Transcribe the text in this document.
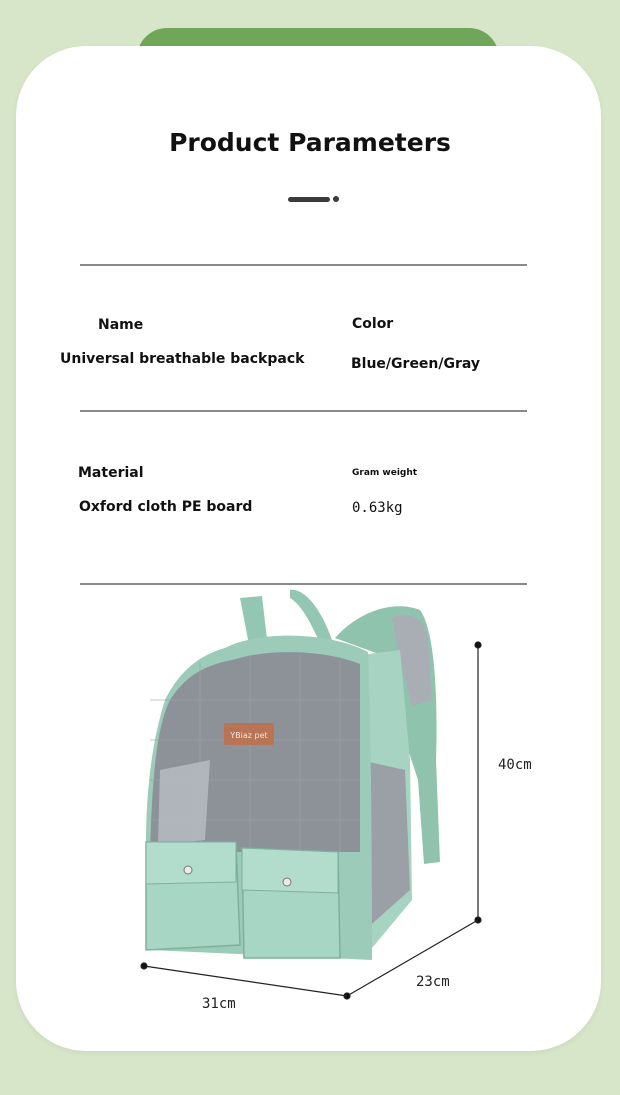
Product Parameters
Name
Universal breathable backpack
Color
Blue/Green/Gray
Material
Oxford cloth PE board
Gram weight
0.63kg
YBiaz pet
40cm
23cm
31cm
